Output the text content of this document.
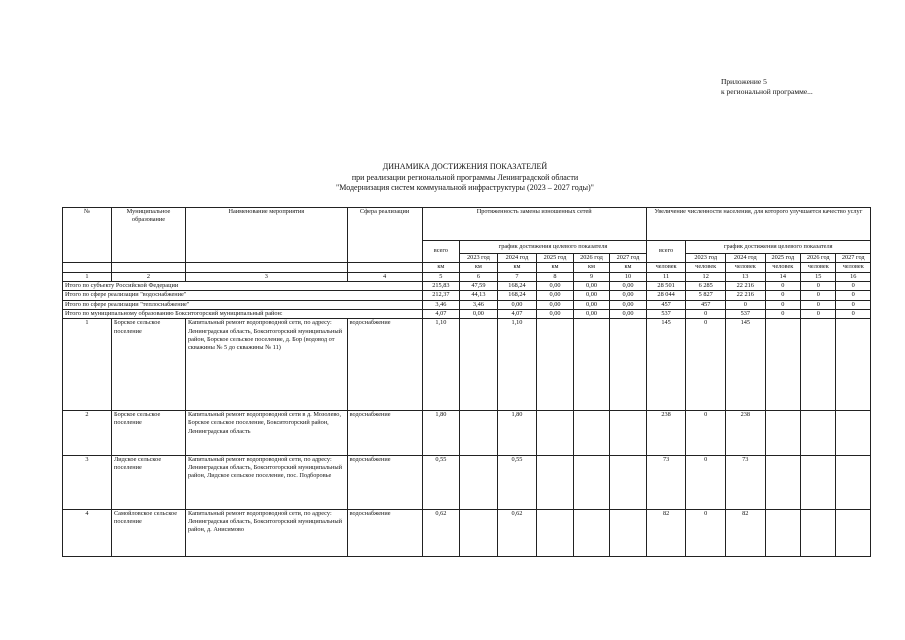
Приложение 5
к региональной программе...
ДИНАМИКА ДОСТИЖЕНИЯ ПОКАЗАТЕЛЕЙ
при реализации региональной программы Ленинградской области
"Модернизация систем коммунальной инфраструктуры (2023 – 2027 годы)"
№	Муниципальное образование	Наименование мероприятия	Сфера реализации	Протяженность замены изношенных сетей						Увеличение численности населения, для которого улучшается качество услуг					
				всего	график достижения целевого показателя					всего	график достижения целевого показателя				
					2023 год	2024 год	2025 год	2026 год	2027 год		2023 год	2024 год	2025 год	2026 год	2027 год
				км	км	км	км	км	км	человек	человек	человек	человек	человек	человек
1	2	3	4	5	6	7	8	9	10	11	12	13	14	15	16
Итого по субъекту Российской Федерации				215,83	47,59	168,24	0,00	0,00	0,00	28 501	6 285	22 216	0	0	0
Итого по сфере реализации "водоснабжение"				212,37	44,13	168,24	0,00	0,00	0,00	28 044	5 827	22 216	0	0	0
Итого по сфере реализации "теплоснабжение"				3,46	3,46	0,00	0,00	0,00	0,00	457	457	0	0	0	0
Итого по муниципальному образованию Бокситогорский муниципальный район:				4,07	0,00	4,07	0,00	0,00	0,00	537	0	537	0	0	0
1	Борское сельское поселение	Капитальный ремонт водопроводной сети, по адресу: Ленинградская область, Бокситогорский муниципальный район, Борское сельское поселение, д. Бор (водовод от скважины № 5 до скважины № 11)	водоснабжение	1,10		1,10				145	0	145			
2	Борское сельское поселение	Капитальный ремонт водопроводной сети в д. Мозолево, Борское сельское поселение, Бокситогорский район, Ленинградская область	водоснабжение	1,80		1,80				238	0	238			
3	Лидское сельское поселение	Капитальный ремонт водопроводной сети, по адресу: Ленинградская область, Бокситогорский муниципальный район, Лидское сельское поселение, пос. Подборовье	водоснабжение	0,55		0,55				73	0	73			
4	Самойловское сельское поселение	Капитальный ремонт водопроводной сети, по адресу: Ленинградская область, Бокситогорский муниципальный район, д. Анисимово	водоснабжение	0,62		0,62				82	0	82			
